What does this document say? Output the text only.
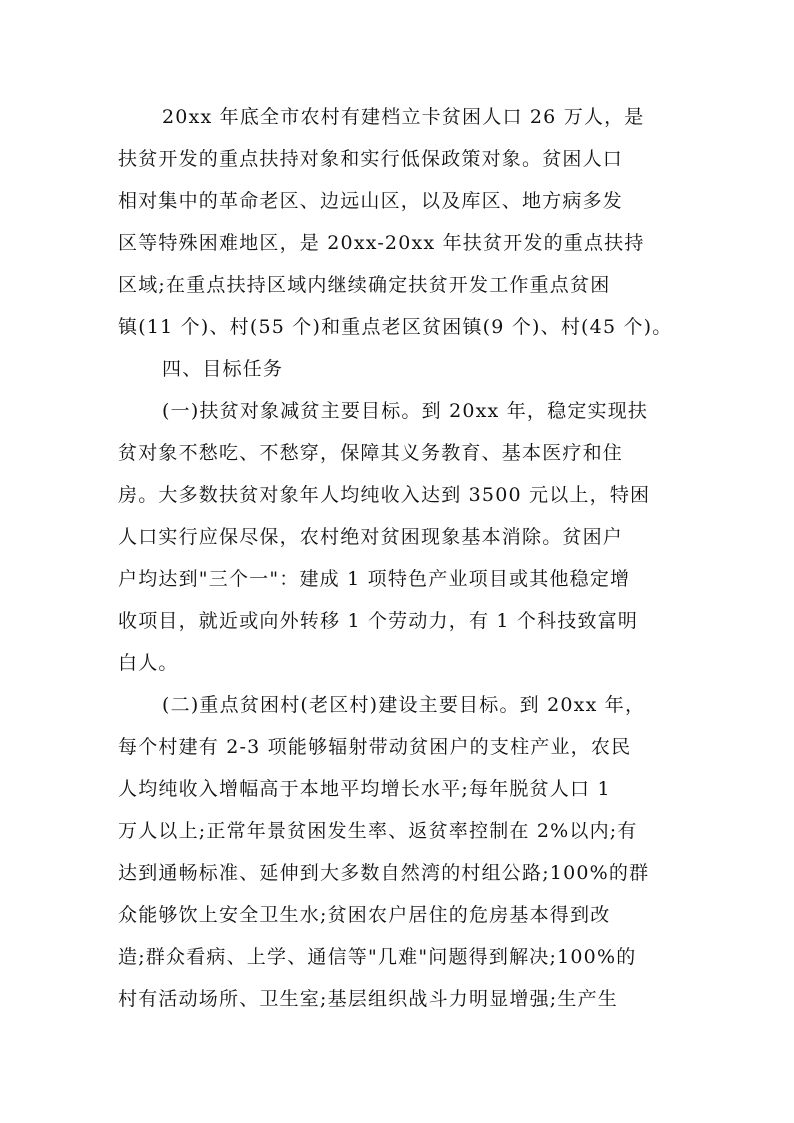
20xx 年底全市农村有建档立卡贫困人口 26 万人，是
扶贫开发的重点扶持对象和实行低保政策对象。贫困人口
相对集中的革命老区、边远山区，以及库区、地方病多发
区等特殊困难地区，是 20xx-20xx 年扶贫开发的重点扶持
区域;在重点扶持区域内继续确定扶贫开发工作重点贫困
镇(11 个)、村(55 个)和重点老区贫困镇(9 个)、村(45 个)。
四、目标任务
(一)扶贫对象减贫主要目标。到 20xx 年，稳定实现扶
贫对象不愁吃、不愁穿，保障其义务教育、基本医疗和住
房。大多数扶贫对象年人均纯收入达到 3500 元以上，特困
人口实行应保尽保，农村绝对贫困现象基本消除。贫困户
户均达到"三个一"：建成 1 项特色产业项目或其他稳定增
收项目，就近或向外转移 1 个劳动力，有 1 个科技致富明
白人。
(二)重点贫困村(老区村)建设主要目标。到 20xx 年，
每个村建有 2-3 项能够辐射带动贫困户的支柱产业，农民
人均纯收入增幅高于本地平均增长水平;每年脱贫人口 1
万人以上;正常年景贫困发生率、返贫率控制在 2%以内;有
达到通畅标准、延伸到大多数自然湾的村组公路;100%的群
众能够饮上安全卫生水;贫困农户居住的危房基本得到改
造;群众看病、上学、通信等"几难"问题得到解决;100%的
村有活动场所、卫生室;基层组织战斗力明显增强;生产生
